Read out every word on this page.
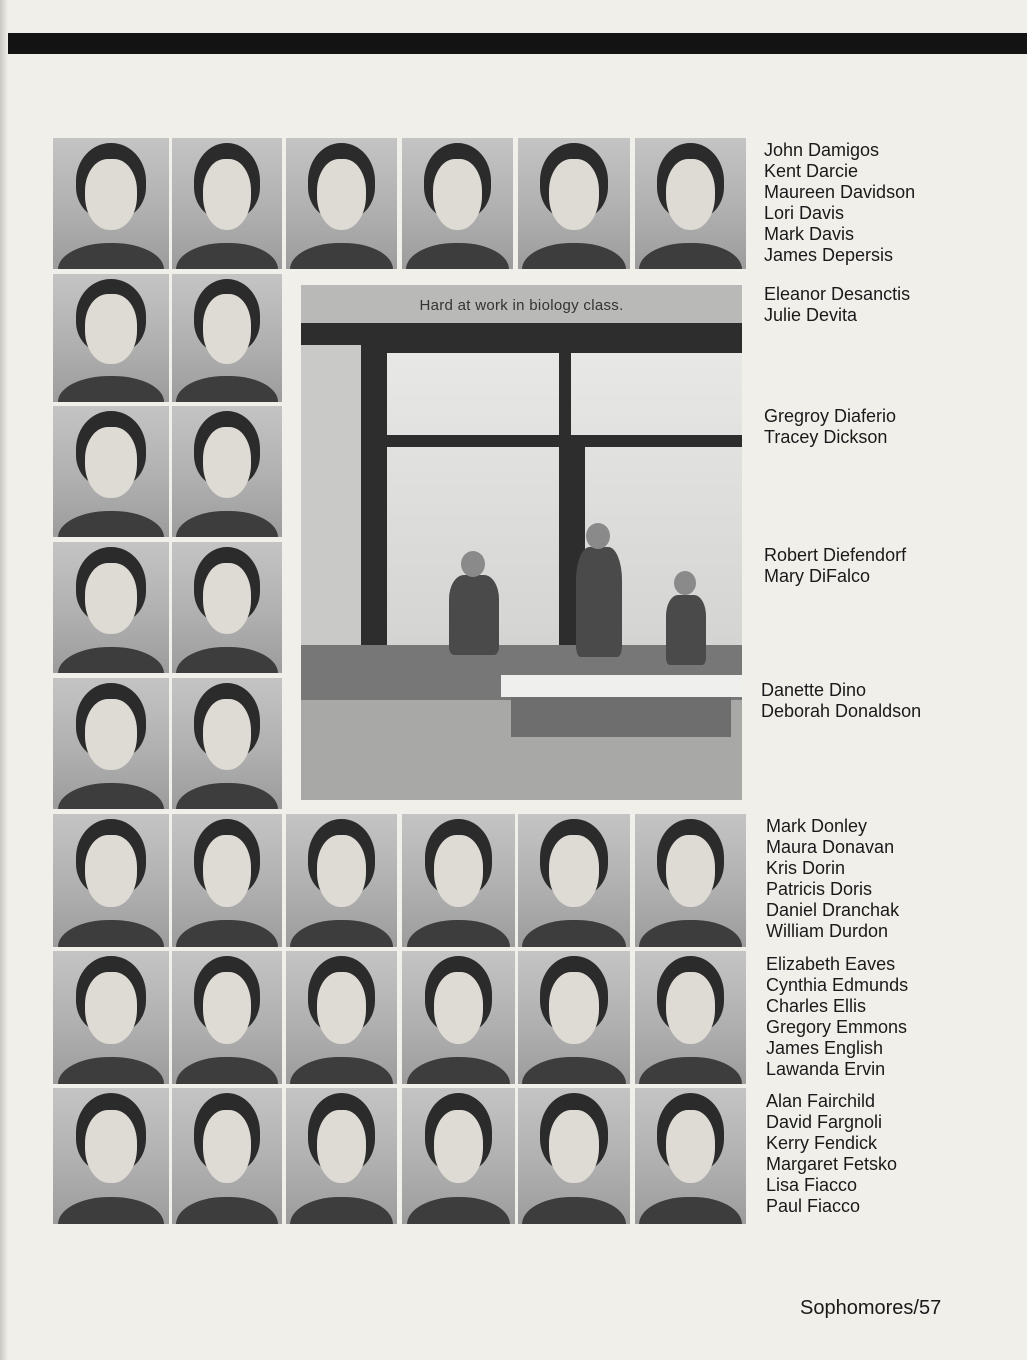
Hard at work in biology class.
John Damigos
Kent Darcie
Maureen Davidson
Lori Davis
Mark Davis
James Depersis
Eleanor Desanctis
Julie Devita
Gregroy Diaferio
Tracey Dickson
Robert Diefendorf
Mary DiFalco
Danette Dino
Deborah Donaldson
Mark Donley
Maura Donavan
Kris Dorin
Patricis Doris
Daniel Dranchak
William Durdon
Elizabeth Eaves
Cynthia Edmunds
Charles Ellis
Gregory Emmons
James English
Lawanda Ervin
Alan Fairchild
David Fargnoli
Kerry Fendick
Margaret Fetsko
Lisa Fiacco
Paul Fiacco
Sophomores/57
